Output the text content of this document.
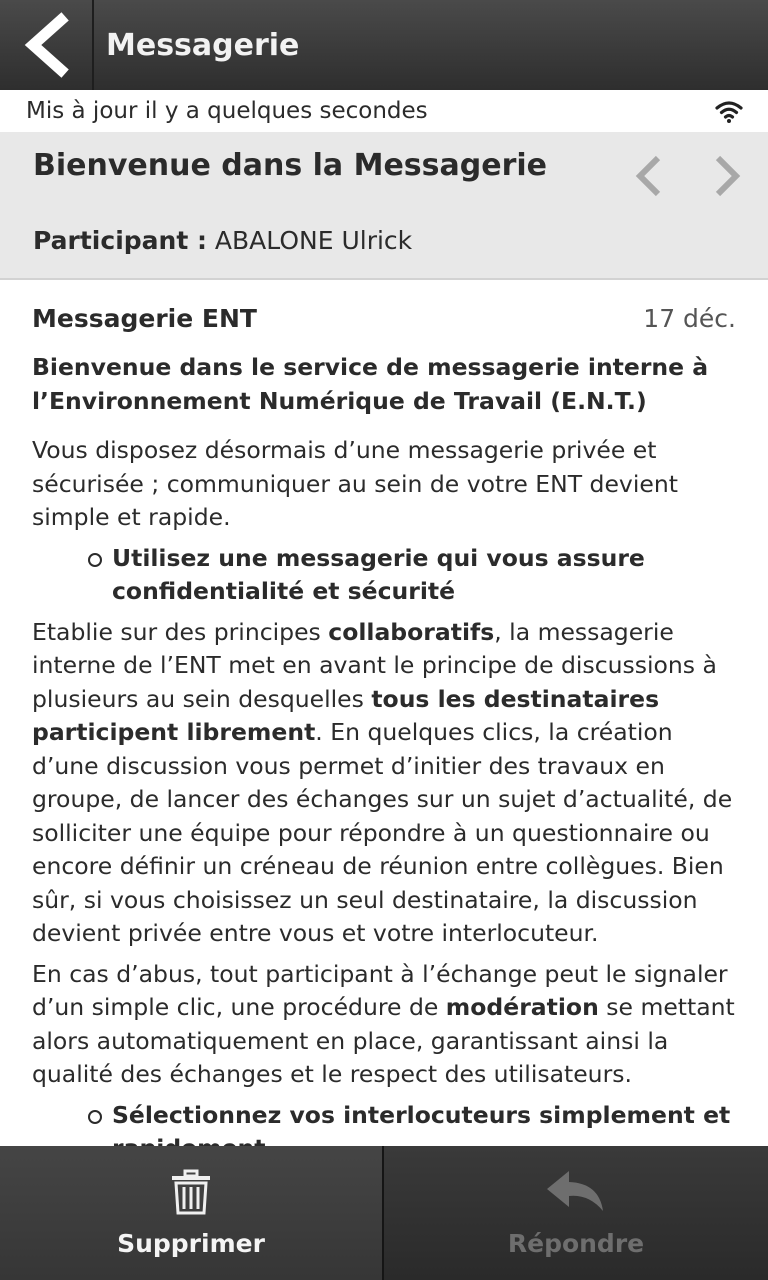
Messagerie
Mis à jour il y a quelques secondes
Bienvenue dans la Messagerie
Participant : ABALONE Ulrick
Messagerie ENT	17 déc.

Bienvenue dans le service de messagerie interne à l’Environnement Numérique de Travail (E.N.T.)

Vous disposez désormais d’une messagerie privée et sécurisée ; communiquer au sein de votre ENT devient simple et rapide.

Utilisez une messagerie qui vous assure confidentialité et sécurité

Etablie sur des principes collaboratifs, la messagerie interne de l’ENT met en avant le principe de discussions à plusieurs au sein desquelles tous les destinataires participent librement. En quelques clics, la création d’une discussion vous permet d’initier des travaux en groupe, de lancer des échanges sur un sujet d’actualité, de solliciter une équipe pour répondre à un questionnaire ou encore définir un créneau de réunion entre collègues. Bien sûr, si vous choisissez un seul destinataire, la discussion devient privée entre vous et votre interlocuteur.

En cas d’abus, tout participant à l’échange peut le signaler d’un simple clic, une procédure de modération se mettant alors automatiquement en place, garantissant ainsi la qualité des échanges et le respect des utilisateurs.

Sélectionnez vos interlocuteurs simplement et
Supprimer	Répondre
